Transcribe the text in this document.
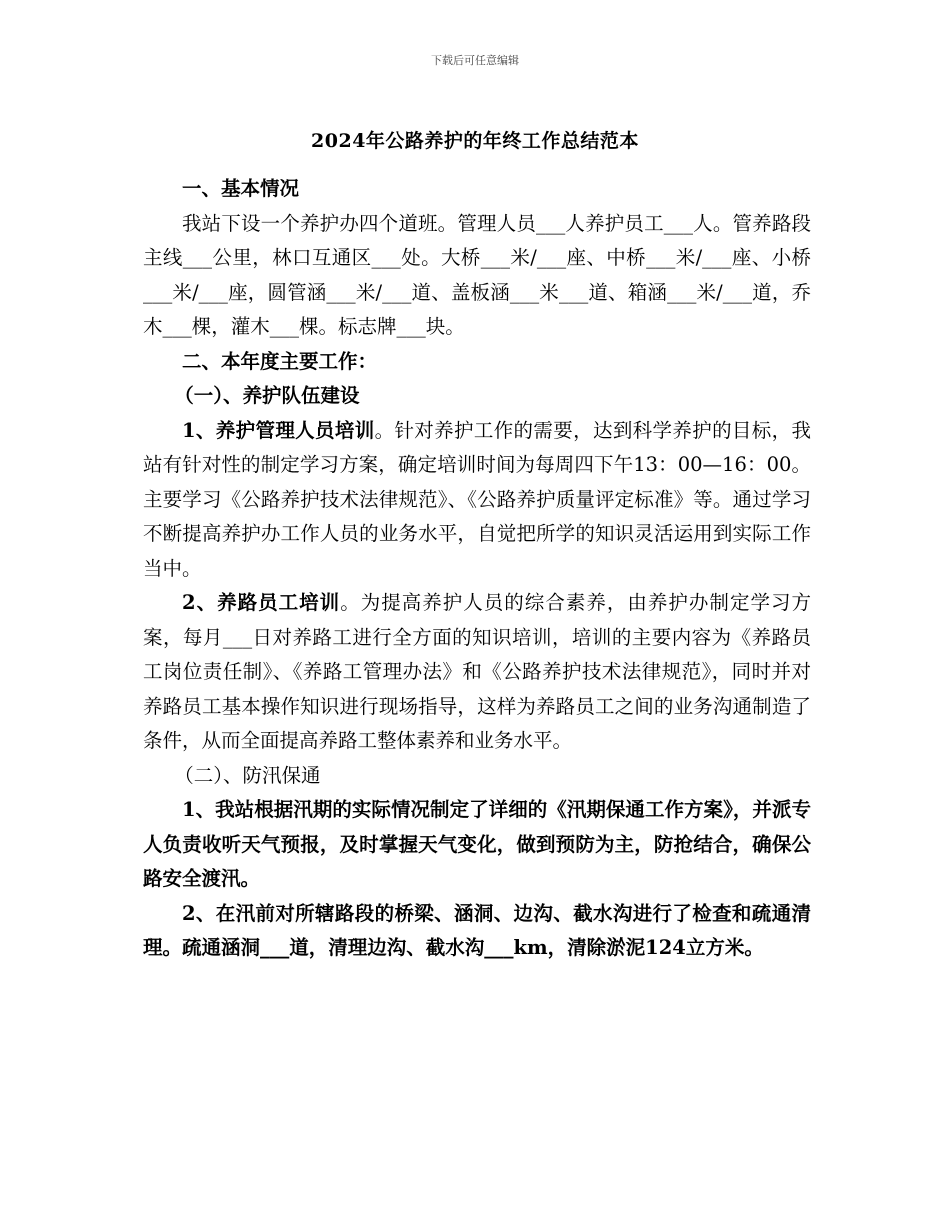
下载后可任意编辑
2024年公路养护的年终工作总结范本

一、基本情况

我站下设一个养护办四个道班。管理人员___人养护员工___人。管养路段主线___公里，林口互通区___处。大桥___米/___座、中桥___米/___座、小桥___米/___座，圆管涵___米/___道、盖板涵___米___道、箱涵___米/___道，乔木___棵，灌木___棵。标志牌___块。

二、本年度主要工作：

（一）、养护队伍建设

1、养护管理人员培训。针对养护工作的需要，达到科学养护的目标，我站有针对性的制定学习方案，确定培训时间为每周四下午13：00—16：00。主要学习《公路养护技术法律规范》、《公路养护质量评定标准》等。通过学习不断提高养护办工作人员的业务水平，自觉把所学的知识灵活运用到实际工作当中。

2、养路员工培训。为提高养护人员的综合素养，由养护办制定学习方案，每月___日对养路工进行全方面的知识培训，培训的主要内容为《养路员工岗位责任制》、《养路工管理办法》和《公路养护技术法律规范》，同时并对养路员工基本操作知识进行现场指导，这样为养路员工之间的业务沟通制造了条件，从而全面提高养路工整体素养和业务水平。

（二）、防汛保通

1、我站根据汛期的实际情况制定了详细的《汛期保通工作方案》，并派专人负责收听天气预报，及时掌握天气变化，做到预防为主，防抢结合，确保公路安全渡汛。

2、在汛前对所辖路段的桥梁、涵洞、边沟、截水沟进行了检查和疏通清理。疏通涵洞___道，清理边沟、截水沟___km，清除淤泥124立方米。
